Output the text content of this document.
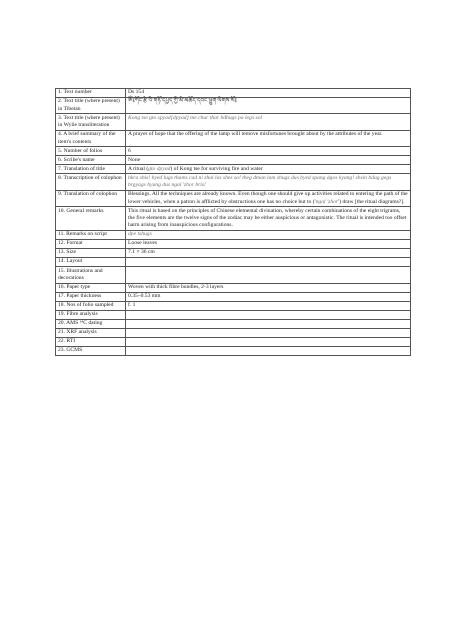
1. Text number	Ds 154
2. Text title (where present) in Tibetan	ༀ༔ཀོང་རྩེ་འི་གཏོ་དཔྱད་ཀྱི་མེ་མཆོད་དབང་ཕྱུག་ལེགས་སོ༔
3. Text title (where present) in Wylie transliteration	Kong tse gto spyad[dpyad] me chur thar bdbugs pa legs sol
4. A brief summary of the item's contents	A prayer of hope that the offering of the lamp will remove misfortunes brought about by the attributes of the year.
5. Number of folios	6
6. Scribe's name	None
7. Translation of title	A ritual (gto dpyad) of Kong tse for surviving fire and water
8. Transcription of colophon	bkra shis! byed lugs thams cad ni zhal las shes so! theg dman lam zhugs dus byed spang dgos kyang! sbsin bdag gegs brgyags byung dus ngal 'zhor bris!
9. Translation of colophon	Blessings. All the techniques are already known. Even though one should give up activities related to entering the path of the lower vehicles, when a patron is afflicted by obstructions one has no choice but to ('ngal 'zhor') draw [the ritual diagrams?].
10. General remarks	This ritual is based on the principles of Chinese elemental divination, whereby certain combinations of the eight trigrams, the five elements are the twelve signs of the zodiac may be either auspicious or antagonistic. The ritual is intended too offset harm arising from inauspicious configurations.
11. Remarks on script	dpe tshugs
12. Format	Loose leaves
13. Size	7.1 × 36 cm
14. Layout	
15. Illustrations and decorations	
16. Paper type	Woven with thick fibre bundles, 2-3 layers
17. Paper thickness	0.35–0.53 mm
18. Nos of folio sampled	f. 1
19. Fibre analysis	
20. AMS ¹⁴C dating	
21. XRF analysis	
22. RTI	
23. GCMS	
